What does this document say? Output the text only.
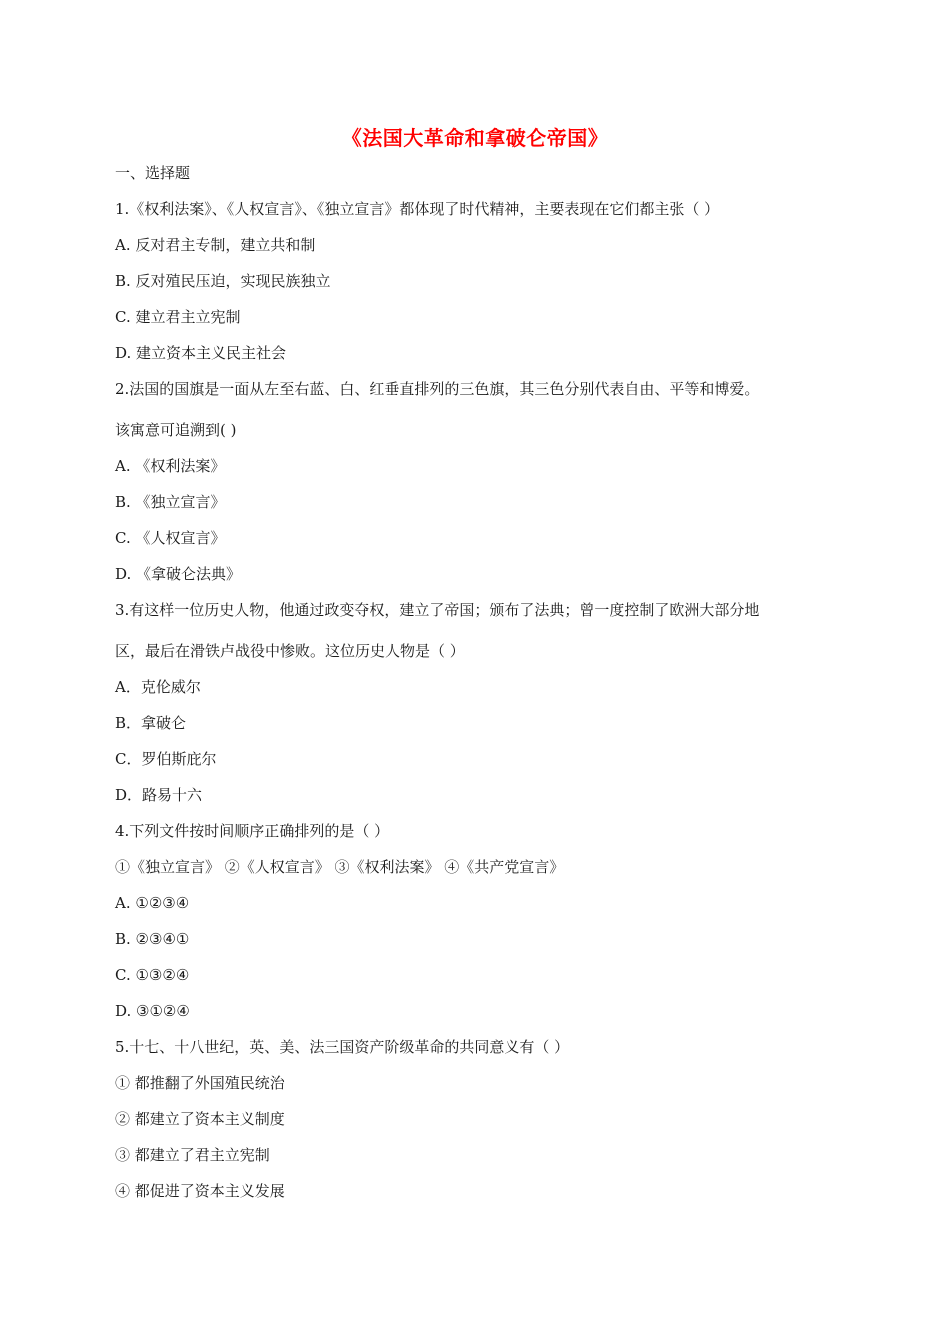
《法国大革命和拿破仑帝国》
一、选择题
1.《权利法案》、《人权宣言》、《独立宣言》都体现了时代精神，主要表现在它们都主张（ ）
A. 反对君主专制，建立共和制
B. 反对殖民压迫，实现民族独立
C. 建立君主立宪制
D. 建立资本主义民主社会
2.法国的国旗是一面从左至右蓝、白、红垂直排列的三色旗，其三色分别代表自由、平等和博爱。
该寓意可追溯到( )
A. 《权利法案》
B. 《独立宣言》
C. 《人权宣言》
D. 《拿破仑法典》
3.有这样一位历史人物，他通过政变夺权，建立了帝国；颁布了法典；曾一度控制了欧洲大部分地
区，最后在滑铁卢战役中惨败。这位历史人物是（ ）
A．克伦威尔
B．拿破仑
C．罗伯斯庇尔
D．路易十六
4.下列文件按时间顺序正确排列的是（ ）
①《独立宣言》 ②《人权宣言》 ③《权利法案》 ④《共产党宣言》
A. ①②③④
B. ②③④①
C. ①③②④
D. ③①②④
5.十七、十八世纪，英、美、法三国资产阶级革命的共同意义有（ ）
① 都推翻了外国殖民统治
② 都建立了资本主义制度
③ 都建立了君主立宪制
④ 都促进了资本主义发展
